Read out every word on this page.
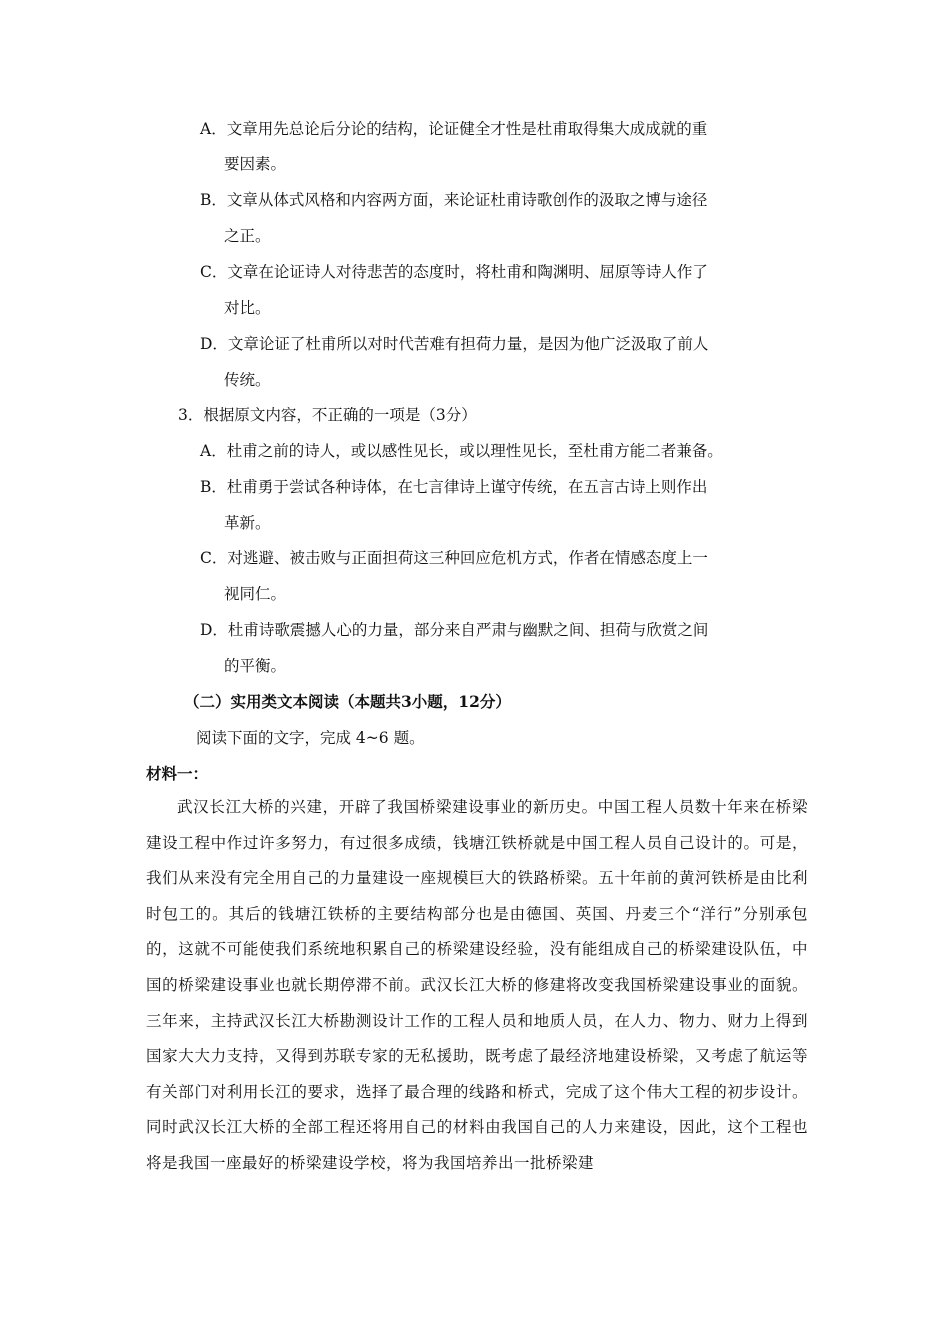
A．文章用先总论后分论的结构，论证健全才性是杜甫取得集大成成就的重
要因素。
B．文章从体式风格和内容两方面，来论证杜甫诗歌创作的汲取之博与途径
之正。
C．文章在论证诗人对待悲苦的态度时，将杜甫和陶渊明、屈原等诗人作了
对比。
D．文章论证了杜甫所以对时代苦难有担荷力量，是因为他广泛汲取了前人
传统。
3．根据原文内容，不正确的一项是（3分）
A．杜甫之前的诗人，或以感性见长，或以理性见长，至杜甫方能二者兼备。
B．杜甫勇于尝试各种诗体，在七言律诗上谨守传统，在五言古诗上则作出
革新。
C．对逃避、被击败与正面担荷这三种回应危机方式，作者在情感态度上一
视同仁。
D．杜甫诗歌震撼人心的力量，部分来自严肃与幽默之间、担荷与欣赏之间
的平衡。
（二）实用类文本阅读（本题共3小题，12分）
阅读下面的文字，完成 4~6 题。
材料一：
武汉长江大桥的兴建，开辟了我国桥梁建设事业的新历史。中国工程人员数十年来在桥梁建设工程中作过许多努力，有过很多成绩，钱塘江铁桥就是中国工程人员自己设计的。可是，我们从来没有完全用自己的力量建设一座规模巨大的铁路桥梁。五十年前的黄河铁桥是由比利时包工的。其后的钱塘江铁桥的主要结构部分也是由德国、英国、丹麦三个“洋行”分别承包的，这就不可能使我们系统地积累自己的桥梁建设经验，没有能组成自己的桥梁建设队伍，中国的桥梁建设事业也就长期停滞不前。武汉长江大桥的修建将改变我国桥梁建设事业的面貌。三年来，主持武汉长江大桥勘测设计工作的工程人员和地质人员，在人力、物力、财力上得到国家大大力支持，又得到苏联专家的无私援助，既考虑了最经济地建设桥梁，又考虑了航运等有关部门对利用长江的要求，选择了最合理的线路和桥式，完成了这个伟大工程的初步设计。同时武汉长江大桥的全部工程还将用自己的材料由我国自己的人力来建设，因此，这个工程也将是我国一座最好的桥梁建设学校，将为我国培养出一批桥梁建
